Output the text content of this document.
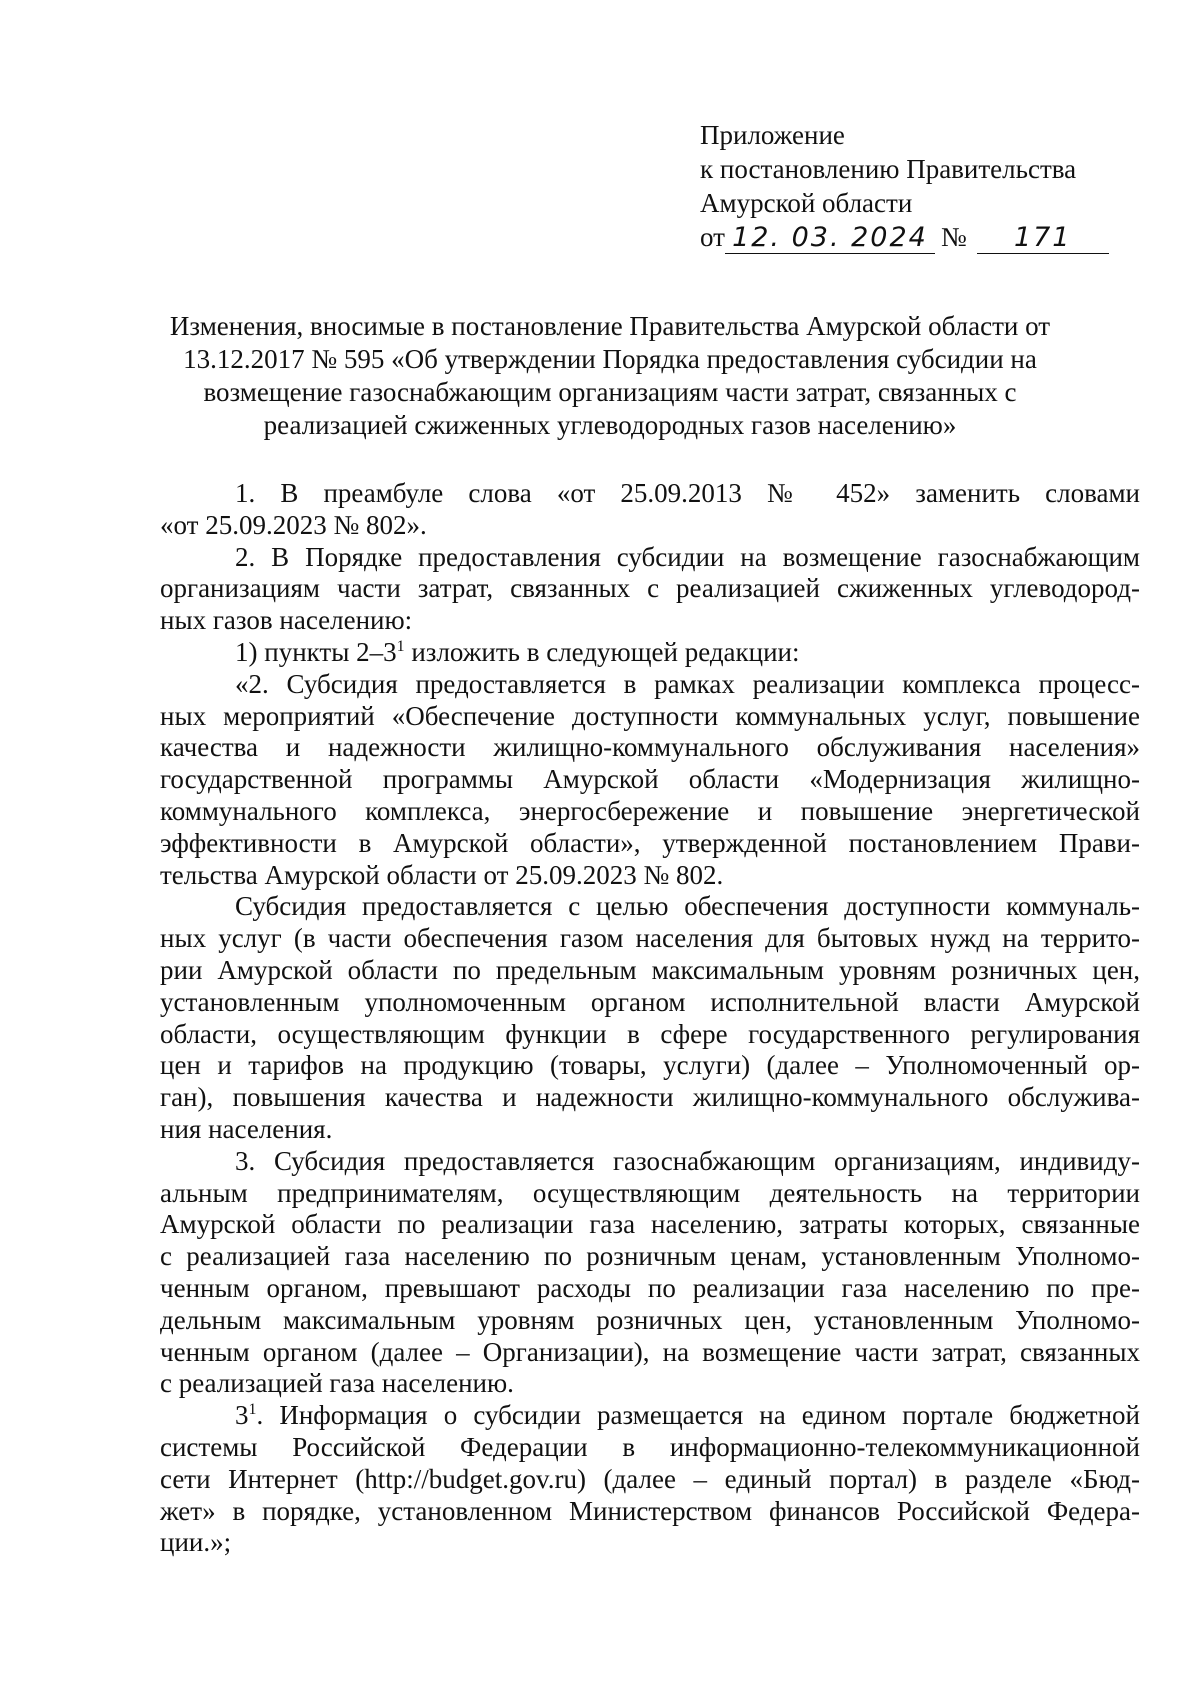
Приложение
к постановлению Правительства
Амурской области
от 12. 03. 2024 №	171
Изменения, вносимые в постановление Правительства Амурской области от
13.12.2017 № 595 «Об утверждении Порядка предоставления субсидии на
возмещение газоснабжающим организациям части затрат, связанных с
реализацией сжиженных углеводородных газов населению»
1. В преамбуле слова «от 25.09.2013 № 452» заменить словами
«от 25.09.2023 № 802».
2. В Порядке предоставления субсидии на возмещение газоснабжающим
организациям части затрат, связанных с реализацией сжиженных углеводород-
ных газов населению:
1) пункты $2-3^1$ изложить в следующей редакции:
«2. Субсидия предоставляется в рамках реализации комплекса процесс-
ных мероприятий «Обеспечение доступности коммунальных услуг, повышение
качества и надежности жилищно-коммунального обслуживания населения»
государственной программы Амурской области «Модернизация жилищно-
коммунального комплекса, энергосбережение и повышение энергетической
эффективности в Амурской области», утвержденной постановлением Прави-
тельства Амурской области от 25.09.2023 № 802.
Субсидия предоставляется с целью обеспечения доступности коммуналь-
ных услуг (в части обеспечения газом населения для бытовых нужд на террито-
рии Амурской области по предельным максимальным уровням розничных цен,
установленным уполномоченным органом исполнительной власти Амурской
области, осуществляющим функции в сфере государственного регулирования
цен и тарифов на продукцию (товары, услуги) (далее – Уполномоченный ор-
ган), повышения качества и надежности жилищно-коммунального обслужива-
ния населения.
3. Субсидия предоставляется газоснабжающим организациям, индивиду-
альным предпринимателям, осуществляющим деятельность на территории
Амурской области по реализации газа населению, затраты которых, связанные
с реализацией газа населению по розничным ценам, установленным Уполномо-
ченным органом, превышают расходы по реализации газа населению по пре-
дельным максимальным уровням розничных цен, установленным Уполномо-
ченным органом (далее – Организации), на возмещение части затрат, связанных
с реализацией газа населению.
$3^1$. Информация о субсидии размещается на едином портале бюджетной
системы Российской Федерации в информационно-телекоммуникационной
сети Интернет (http://budget.gov.ru) (далее – единый портал) в разделе «Бюд-
жет» в порядке, установленном Министерством финансов Российской Федера-
ции.»;
